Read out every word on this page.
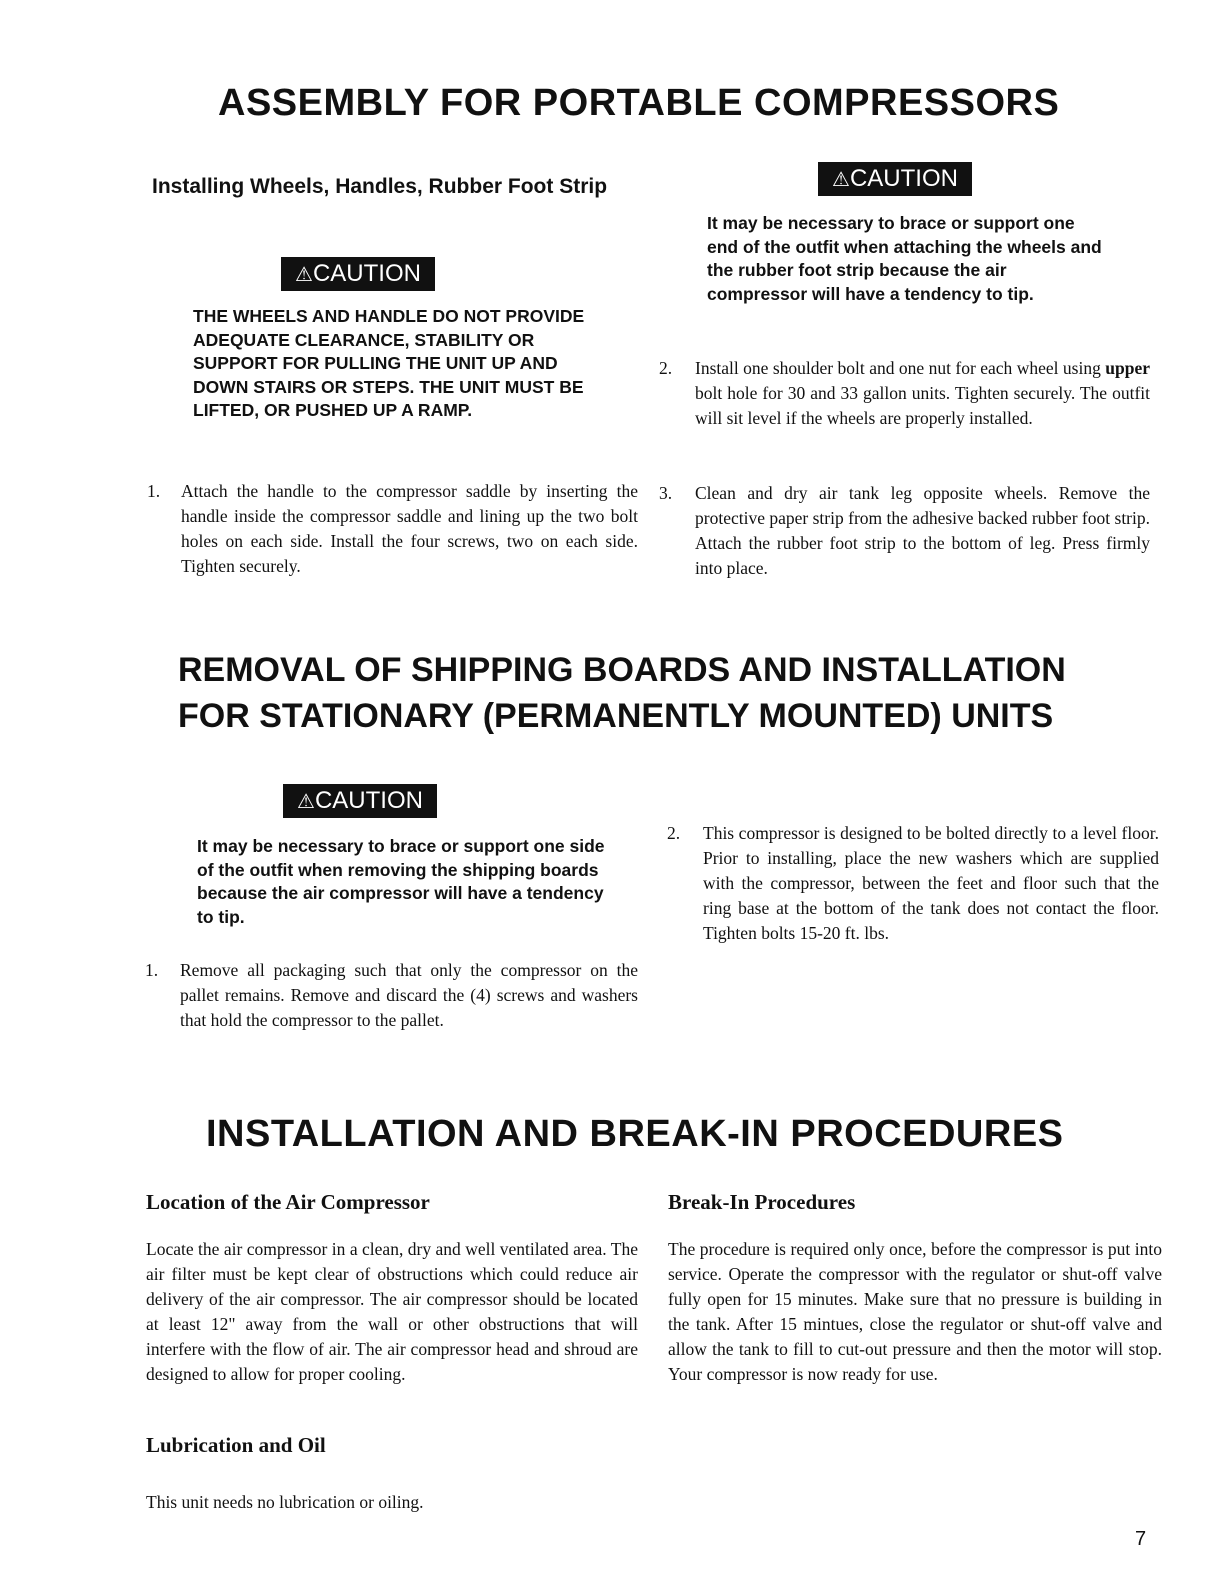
ASSEMBLY FOR PORTABLE COMPRESSORS
Installing Wheels, Handles, Rubber Foot Strip
⚠CAUTION
THE WHEELS AND HANDLE DO NOT PROVIDE ADEQUATE CLEARANCE, STABILITY OR SUPPORT FOR PULLING THE UNIT UP AND DOWN STAIRS OR STEPS. THE UNIT MUST BE LIFTED, OR PUSHED UP A RAMP.
⚠CAUTION
It may be necessary to brace or support one end of the outfit when attaching the wheels and the rubber foot strip because the air compressor will have a tendency to tip.
1. Attach the handle to the compressor saddle by inserting the handle inside the compressor saddle and lining up the two bolt holes on each side. Install the four screws, two on each side. Tighten securely.
2. Install one shoulder bolt and one nut for each wheel using upper bolt hole for 30 and 33 gallon units. Tighten securely. The outfit will sit level if the wheels are properly installed.
3. Clean and dry air tank leg opposite wheels. Remove the protective paper strip from the adhesive backed rubber foot strip. Attach the rubber foot strip to the bottom of leg. Press firmly into place.
REMOVAL OF SHIPPING BOARDS AND INSTALLATION
FOR STATIONARY (PERMANENTLY MOUNTED) UNITS
⚠CAUTION
It may be necessary to brace or support one side of the outfit when removing the shipping boards because the air compressor will have a tendency to tip.
1. Remove all packaging such that only the compressor on the pallet remains. Remove and discard the (4) screws and washers that hold the compressor to the pallet.
2. This compressor is designed to be bolted directly to a level floor. Prior to installing, place the new washers which are supplied with the compressor, between the feet and floor such that the ring base at the bottom of the tank does not contact the floor. Tighten bolts 15-20 ft. lbs.
INSTALLATION AND BREAK-IN PROCEDURES
Location of the Air Compressor
Locate the air compressor in a clean, dry and well ventilated area. The air filter must be kept clear of obstructions which could reduce air delivery of the air compressor. The air compressor should be located at least 12" away from the wall or other obstructions that will interfere with the flow of air. The air compressor head and shroud are designed to allow for proper cooling.
Lubrication and Oil
This unit needs no lubrication or oiling.
Break-In Procedures
The procedure is required only once, before the compressor is put into service. Operate the compressor with the regulator or shut-off valve fully open for 15 minutes. Make sure that no pressure is building in the tank. After 15 mintues, close the regulator or shut-off valve and allow the tank to fill to cut-out pressure and then the motor will stop. Your compressor is now ready for use.
7
